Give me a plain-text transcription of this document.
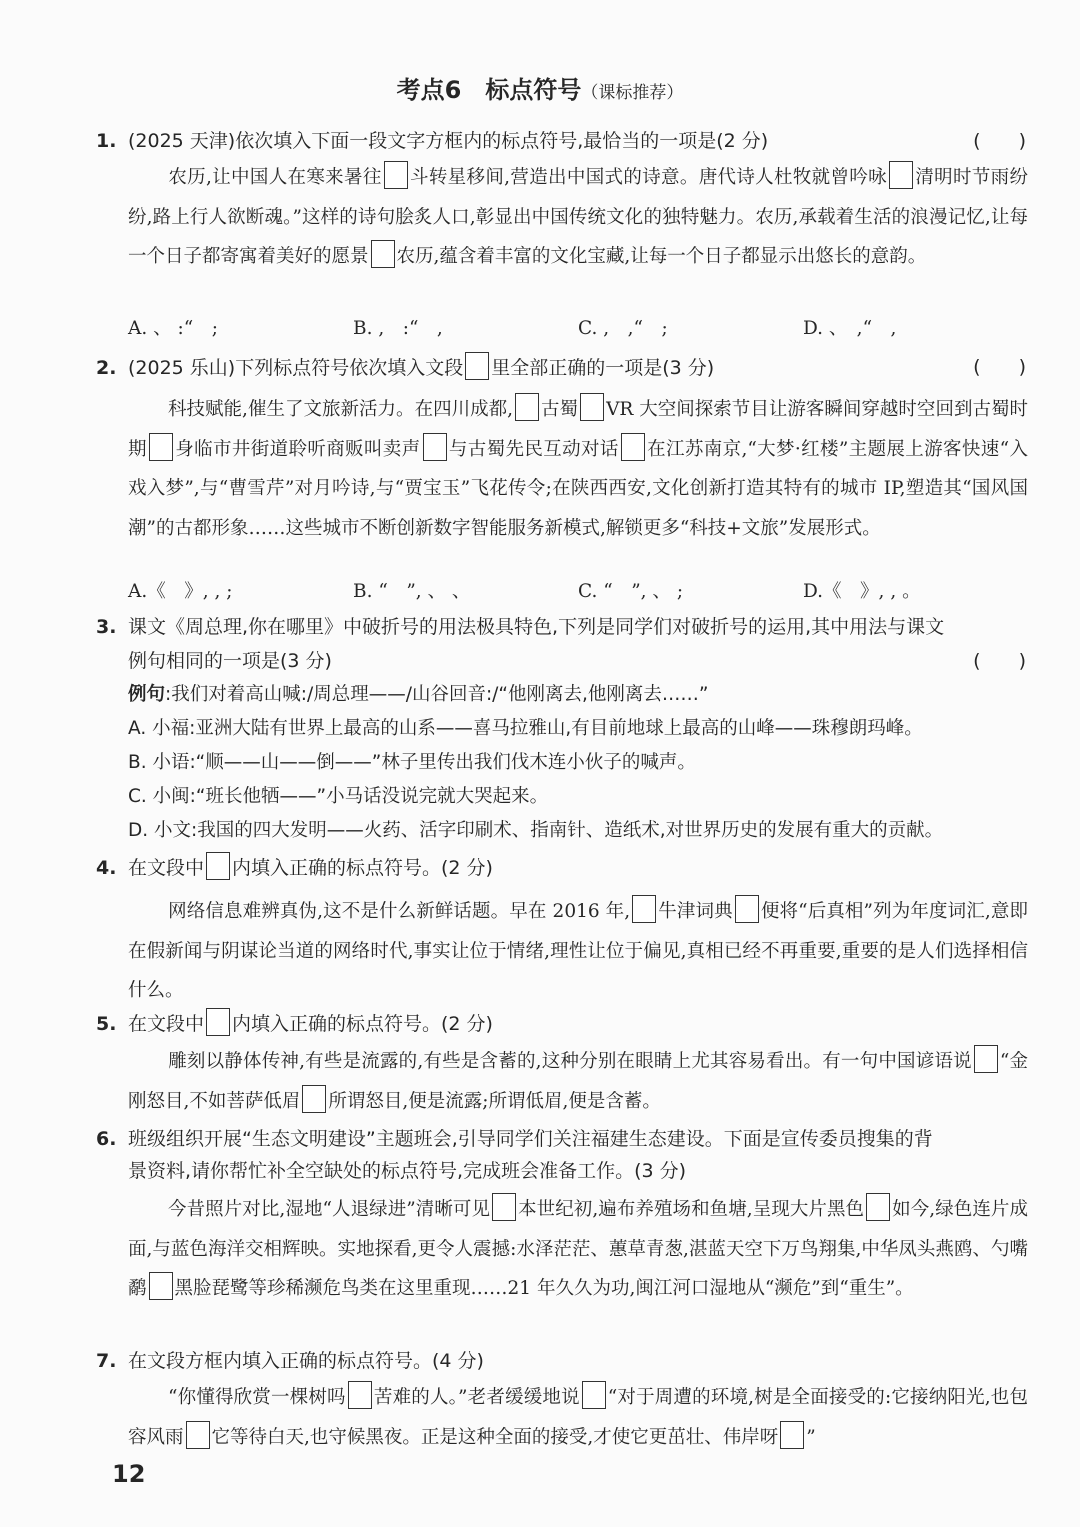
考点6　标点符号（课标推荐）
1. (2025 天津)依次填入下面一段文字方框内的标点符号,最恰当的一项是(2 分)	(　　)
农历,让中国人在寒来暑往 斗转星移间,营造出中国式的诗意。唐代诗人杜牧就曾吟咏 清明时节雨纷纷,路上行人欲断魂。”这样的诗句脍炙人口,彰显出中国传统文化的独特魅力。农历,承载着生活的浪漫记忆,让每一个日子都寄寓着美好的愿景 农历,蕴含着丰富的文化宝藏,让每一个日子都显示出悠长的意韵。
A. 、 :“　;	B. ,　:“　,	C. ,　,“　;	D. 、　,“　,
2. (2025 乐山)下列标点符号依次填入文段 里全部正确的一项是(3 分)	(　　)
科技赋能,催生了文旅新活力。在四川成都, 古蜀 VR 大空间探索节目让游客瞬间穿越时空回到古蜀时期 身临市井街道聆听商贩叫卖声 与古蜀先民互动对话 在江苏南京,“大梦·红楼”主题展上游客快速“入戏入梦”,与“曹雪芹”对月吟诗,与“贾宝玉”飞花传令;在陕西西安,文化创新打造其特有的城市 IP,塑造其“国风国潮”的古都形象……这些城市不断创新数字智能服务新模式,解锁更多“科技+文旅”发展形式。
A.《　》, , ;	B. “　”, 、 、	C. “　”, 、 ;	D.《　》, , 。
3. 课文《周总理,你在哪里》中破折号的用法极具特色,下列是同学们对破折号的运用,其中用法与课文
例句相同的一项是(3 分)	(　　)
例句:我们对着高山喊:/周总理——/山谷回音:/“他刚离去,他刚离去……”
A. 小福:亚洲大陆有世界上最高的山系——喜马拉雅山,有目前地球上最高的山峰——珠穆朗玛峰。
B. 小语:“顺——山——倒——”林子里传出我们伐木连小伙子的喊声。
C. 小闽:“班长他牺——”小马话没说完就大哭起来。
D. 小文:我国的四大发明——火药、活字印刷术、指南针、造纸术,对世界历史的发展有重大的贡献。
4. 在文段中 内填入正确的标点符号。(2 分)
网络信息难辨真伪,这不是什么新鲜话题。早在 2016 年, 牛津词典 便将“后真相”列为年度词汇,意即在假新闻与阴谋论当道的网络时代,事实让位于情绪,理性让位于偏见,真相已经不再重要,重要的是人们选择相信什么。
5. 在文段中 内填入正确的标点符号。(2 分)
雕刻以静体传神,有些是流露的,有些是含蓄的,这种分别在眼睛上尤其容易看出。有一句中国谚语说 “金刚怒目,不如菩萨低眉 所谓怒目,便是流露;所谓低眉,便是含蓄。
6. 班级组织开展“生态文明建设”主题班会,引导同学们关注福建生态建设。下面是宣传委员搜集的背
景资料,请你帮忙补全空缺处的标点符号,完成班会准备工作。(3 分)
今昔照片对比,湿地“人退绿进”清晰可见 本世纪初,遍布养殖场和鱼塘,呈现大片黑色 如今,绿色连片成面,与蓝色海洋交相辉映。实地探看,更令人震撼:水泽茫茫、蕙草青葱,湛蓝天空下万鸟翔集,中华凤头燕鸥、勺嘴鹬 黑脸琵鹭等珍稀濒危鸟类在这里重现……21 年久久为功,闽江河口湿地从“濒危”到“重生”。
7. 在文段方框内填入正确的标点符号。(4 分)
“你懂得欣赏一棵树吗 苦难的人。”老者缓缓地说 “对于周遭的环境,树是全面接受的:它接纳阳光,也包容风雨 它等待白天,也守候黑夜。正是这种全面的接受,才使它更茁壮、伟岸呀 ”
12
